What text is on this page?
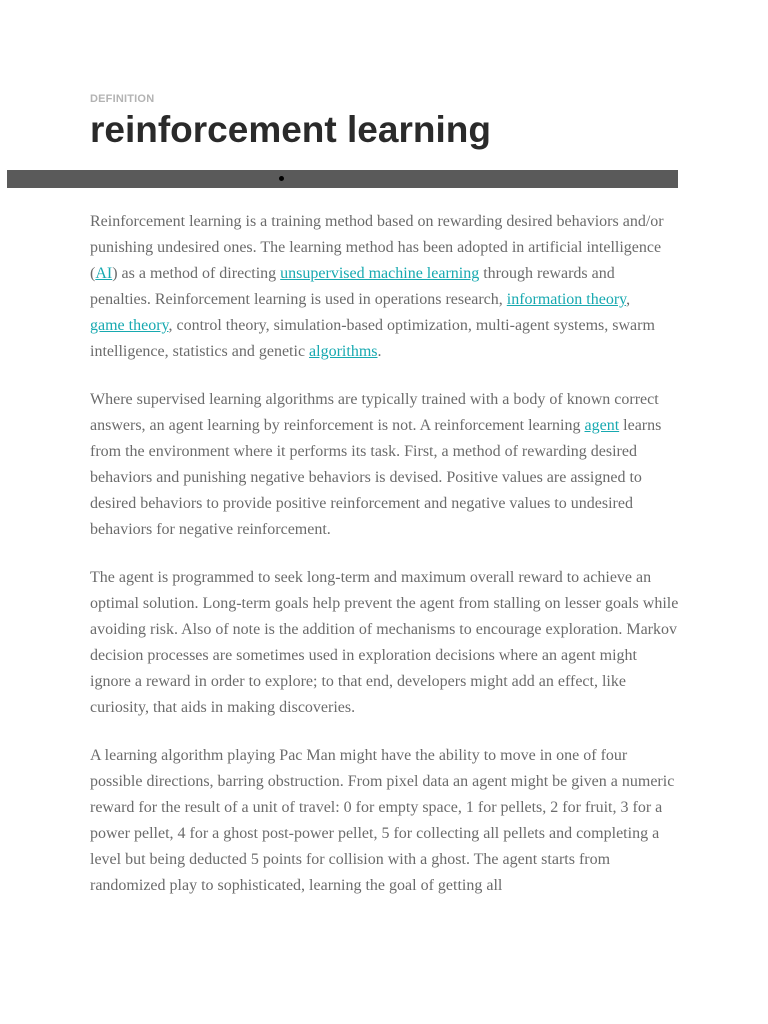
DEFINITION
reinforcement learning

Reinforcement learning is a training method based on rewarding desired behaviors and/or punishing undesired ones. The learning method has been adopted in artificial intelligence (AI) as a method of directing unsupervised machine learning through rewards and penalties. Reinforcement learning is used in operations research, information theory, game theory, control theory, simulation-based optimization, multi-agent systems, swarm intelligence, statistics and genetic algorithms.

Where supervised learning algorithms are typically trained with a body of known correct answers, an agent learning by reinforcement is not. A reinforcement learning agent learns from the environment where it performs its task. First, a method of rewarding desired behaviors and punishing negative behaviors is devised. Positive values are assigned to desired behaviors to provide positive reinforcement and negative values to undesired behaviors for negative reinforcement.

The agent is programmed to seek long-term and maximum overall reward to achieve an optimal solution. Long-term goals help prevent the agent from stalling on lesser goals while avoiding risk. Also of note is the addition of mechanisms to encourage exploration. Markov decision processes are sometimes used in exploration decisions where an agent might ignore a reward in order to explore; to that end, developers might add an effect, like curiosity, that aids in making discoveries.

A learning algorithm playing Pac Man might have the ability to move in one of four possible directions, barring obstruction. From pixel data an agent might be given a numeric reward for the result of a unit of travel: 0 for empty space, 1 for pellets, 2 for fruit, 3 for a power pellet, 4 for a ghost post-power pellet, 5 for collecting all pellets and completing a level but being deducted 5 points for collision with a ghost. The agent starts from randomized play to sophisticated, learning the goal of getting all
